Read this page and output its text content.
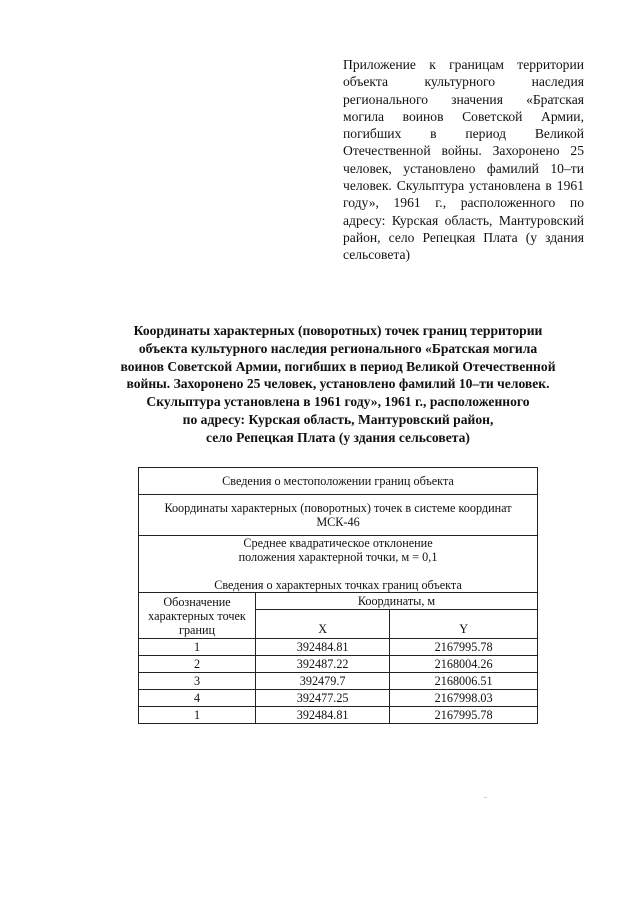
Приложение к границам территории объекта культурного наследия регионального значения «Братская могила воинов Советской Армии, погибших в период Великой Отечественной войны. Захоронено 25 человек, установлено фамилий 10–ти человек. Скульптура установлена в 1961 году», 1961 г., расположенного по адресу: Курская область, Мантуровский район, село Репецкая Плата (у здания сельсовета)
Координаты характерных (поворотных) точек границ территории
объекта культурного наследия регионального «Братская могила
воинов Советской Армии, погибших в период Великой Отечественной
войны. Захоронено 25 человек, установлено фамилий 10–ти человек.
Скульптура установлена в 1961 году», 1961 г., расположенного
по адресу: Курская область, Мантуровский район,
село Репецкая Плата (у здания сельсовета)
Сведения о местоположении границ объекта		
Координаты характерных (поворотных) точек в системе координат МСК-46		

Среднее квадратическое отклонение
положения характерной точки, м = 0,1
Сведения о характерных точках границ объекта		

Обозначение характерных точек границ	Координаты, м	
	X	Y
1	392484.81	2167995.78
2	392487.22	2168004.26
3	392479.7	2168006.51
4	392477.25	2167998.03
1	392484.81	2167995.78
